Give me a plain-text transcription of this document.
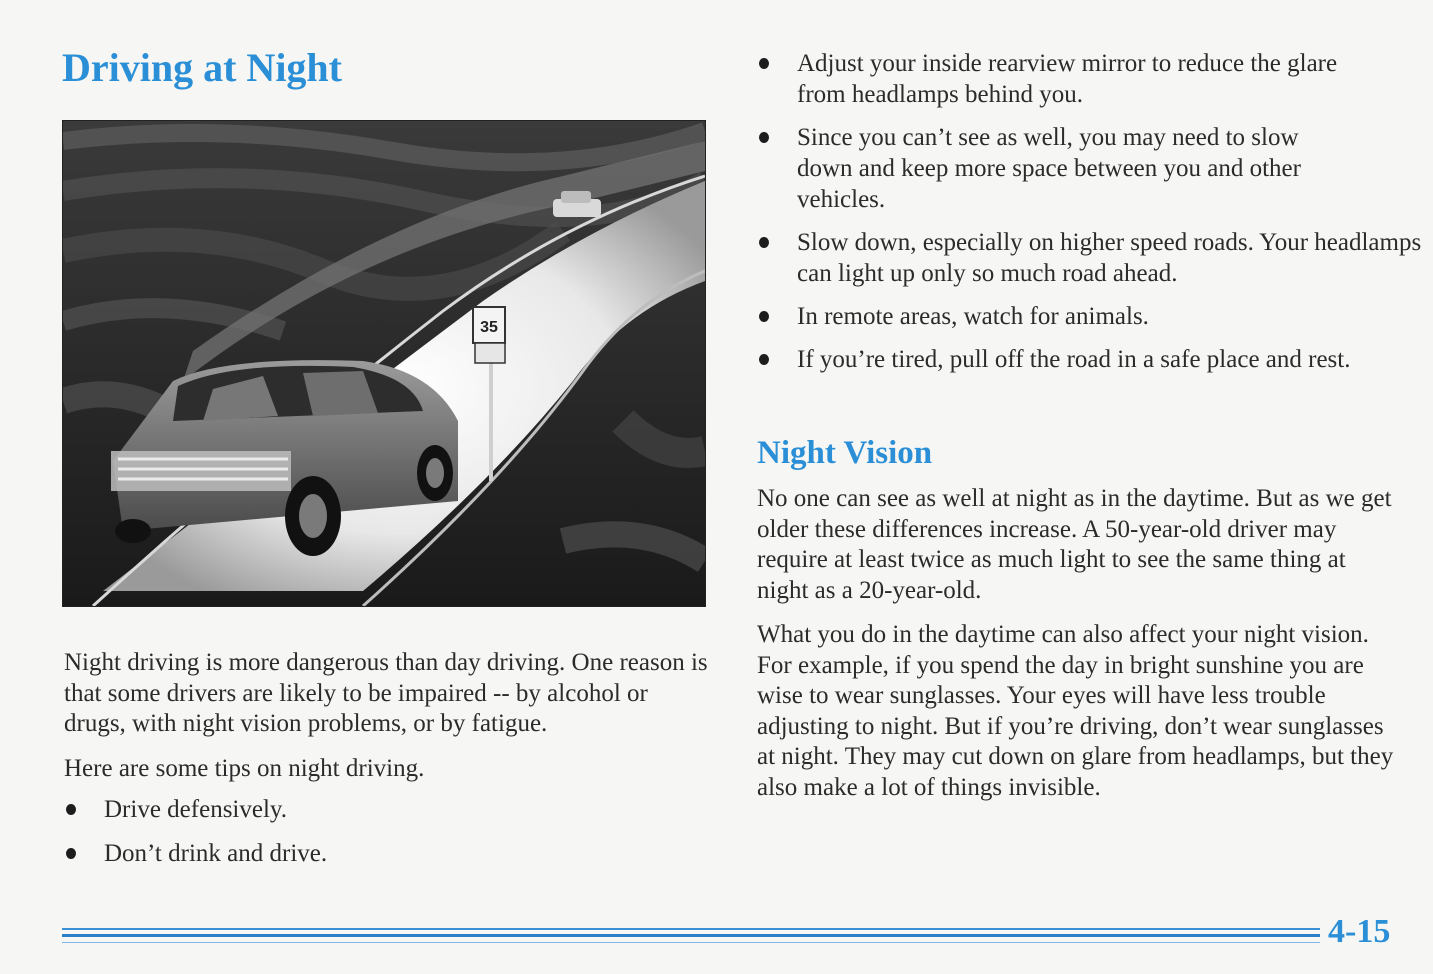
Driving at Night
35

Night driving is more dangerous than day driving. One reason is that some drivers are likely to be impaired -- by alcohol or drugs, with night vision problems, or by fatigue.

Here are some tips on night driving.

Drive defensively.
Don’t drink and drive.
Adjust your inside rearview mirror to reduce the glare from headlamps behind you.
Since you can’t see as well, you may need to slow down and keep more space between you and other vehicles.
Slow down, especially on higher speed roads. Your headlamps can light up only so much road ahead.
In remote areas, watch for animals.
If you’re tired, pull off the road in a safe place and rest.
Night Vision

No one can see as well at night as in the daytime. But as we get older these differences increase. A 50-year-old driver may require at least twice as much light to see the same thing at night as a 20-year-old.

What you do in the daytime can also affect your night vision. For example, if you spend the day in bright sunshine you are wise to wear sunglasses. Your eyes will have less trouble adjusting to night. But if you’re driving, don’t wear sunglasses at night. They may cut down on glare from headlamps, but they also make a lot of things invisible.

4-15
